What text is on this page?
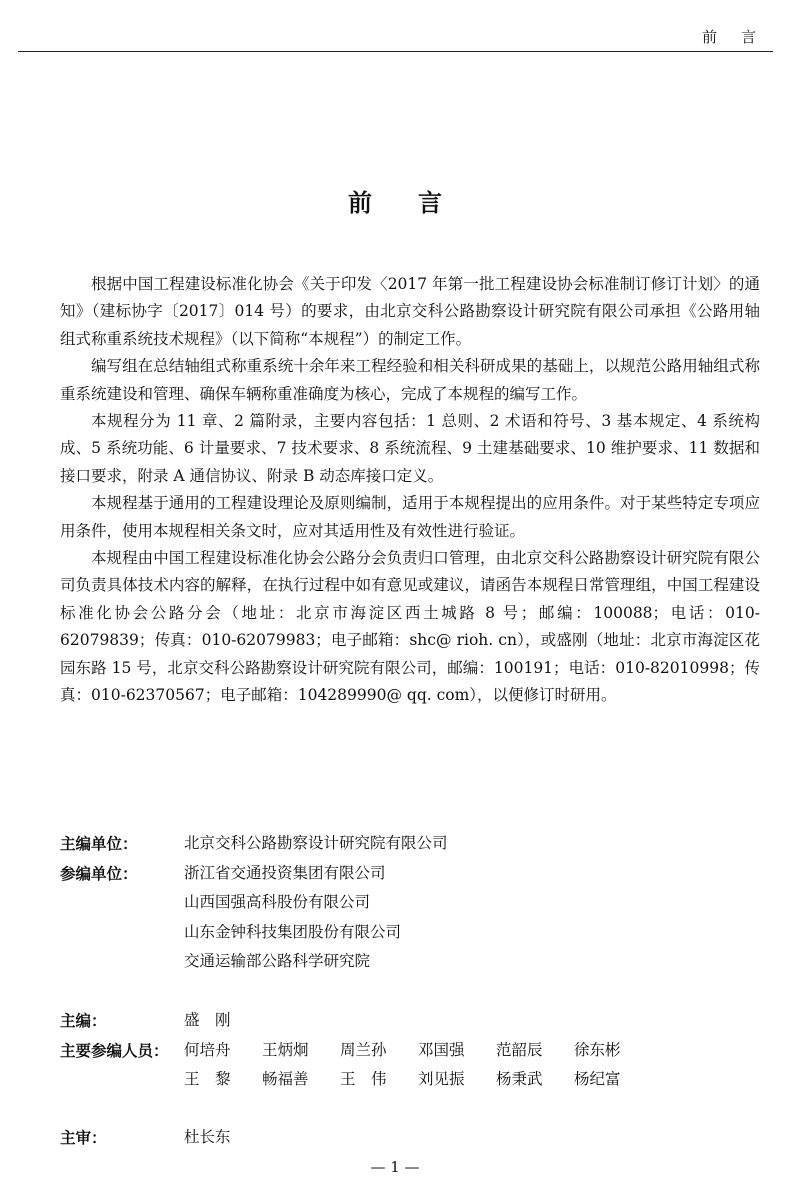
前言
前言

根据中国工程建设标准化协会《关于印发〈2017 年第一批工程建设协会标准制订修订计划〉的通知》（建标协字〔2017〕014 号）的要求，由北京交科公路勘察设计研究院有限公司承担《公路用轴组式称重系统技术规程》（以下简称“本规程”）的制定工作。

编写组在总结轴组式称重系统十余年来工程经验和相关科研成果的基础上，以规范公路用轴组式称重系统建设和管理、确保车辆称重准确度为核心，完成了本规程的编写工作。

本规程分为 11 章、2 篇附录，主要内容包括：1 总则、2 术语和符号、3 基本规定、4 系统构成、5 系统功能、6 计量要求、7 技术要求、8 系统流程、9 土建基础要求、10 维护要求、11 数据和接口要求，附录 A 通信协议、附录 B 动态库接口定义。

本规程基于通用的工程建设理论及原则编制，适用于本规程提出的应用条件。对于某些特定专项应用条件，使用本规程相关条文时，应对其适用性及有效性进行验证。

本规程由中国工程建设标准化协会公路分会负责归口管理，由北京交科公路勘察设计研究院有限公司负责具体技术内容的解释，在执行过程中如有意见或建议，请函告本规程日常管理组，中国工程建设标准化协会公路分会（地址：北京市海淀区西土城路 8 号；邮编：100088；电话：010-62079839；传真：010-62079983；电子邮箱：shc@ rioh. cn），或盛刚（地址：北京市海淀区花园东路 15 号，北京交科公路勘察设计研究院有限公司，邮编：100191；电话：010-82010998；传真：010-62370567；电子邮箱：104289990@ qq. com），以便修订时研用。

主编单位：	北京交科公路勘察设计研究院有限公司
参编单位：	浙江省交通投资集团有限公司
山西国强高科股份有限公司
山东金钟科技集团股份有限公司
交通运输部公路科学研究院
主编：	盛　刚
主要参编人员： 何培舟	王炳炯	周兰孙	邓国强	范韶辰	徐东彬
王　黎	畅福善	王　伟	刘见振	杨秉武	杨纪富
主审：	杜长东
— 1 —
